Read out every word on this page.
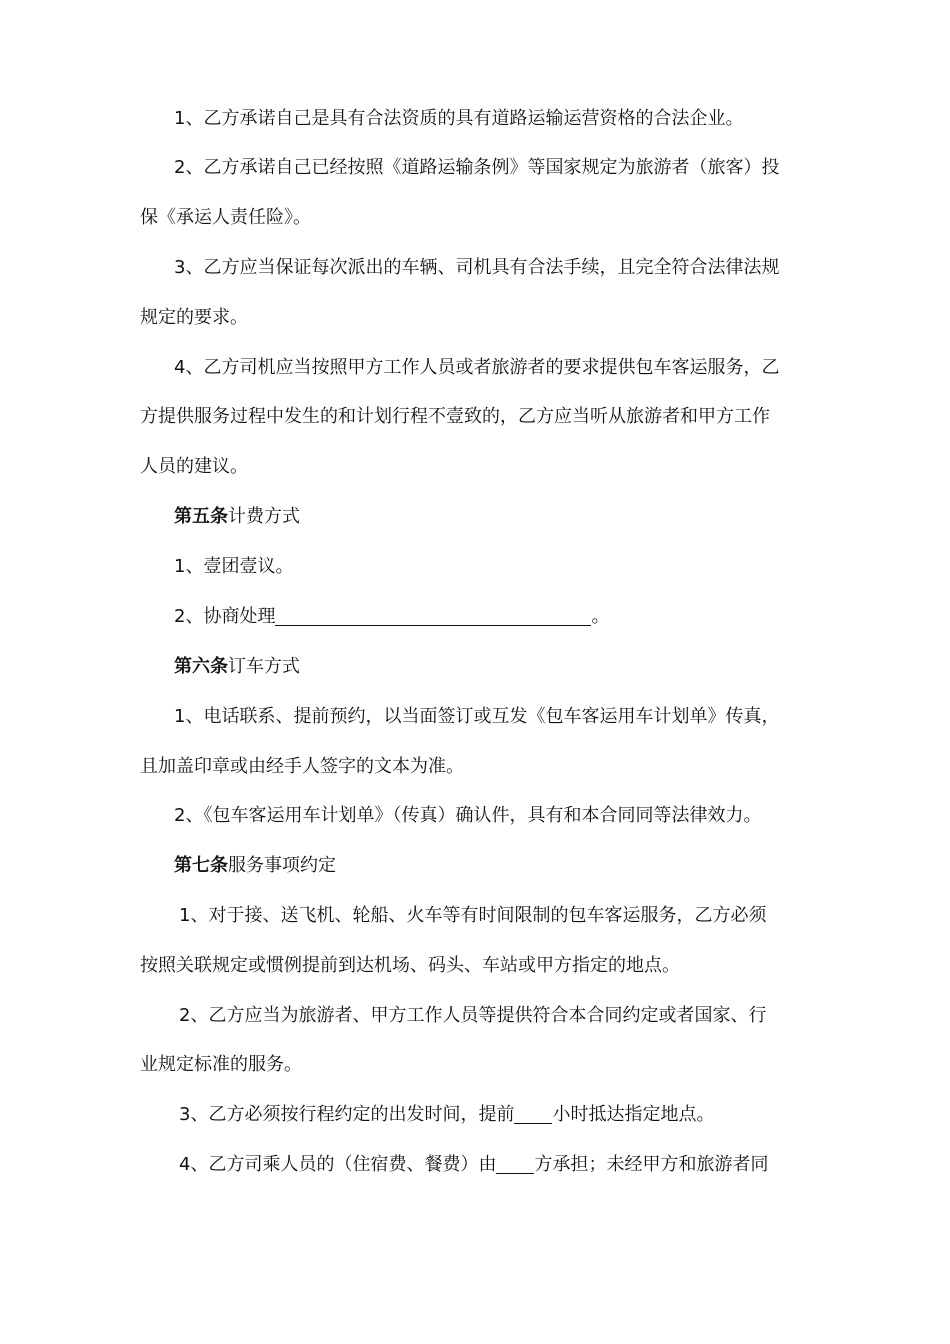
1、乙方承诺自己是具有合法资质的具有道路运输运营资格的合法企业。
2、乙方承诺自己已经按照《道路运输条例》等国家规定为旅游者（旅客）投
保《承运人责任险》。
3、乙方应当保证每次派出的车辆、司机具有合法手续，且完全符合法律法规
规定的要求。
4、乙方司机应当按照甲方工作人员或者旅游者的要求提供包车客运服务，乙
方提供服务过程中发生的和计划行程不壹致的，乙方应当听从旅游者和甲方工作
人员的建议。
第五条计费方式
1、壹团壹议。
2、协商处理	。
第六条订车方式
1、电话联系、提前预约，以当面签订或互发《包车客运用车计划单》传真，
且加盖印章或由经手人签字的文本为准。
2、《包车客运用车计划单》（传真）确认件，具有和本合同同等法律效力。
第七条服务事项约定
1、对于接、送飞机、轮船、火车等有时间限制的包车客运服务，乙方必须
按照关联规定或惯例提前到达机场、码头、车站或甲方指定的地点。
2、乙方应当为旅游者、甲方工作人员等提供符合本合同约定或者国家、行
业规定标准的服务。
3、乙方必须按行程约定的出发时间，提前 小时抵达指定地点。
4、乙方司乘人员的（住宿费、餐费）由 方承担；未经甲方和旅游者同
